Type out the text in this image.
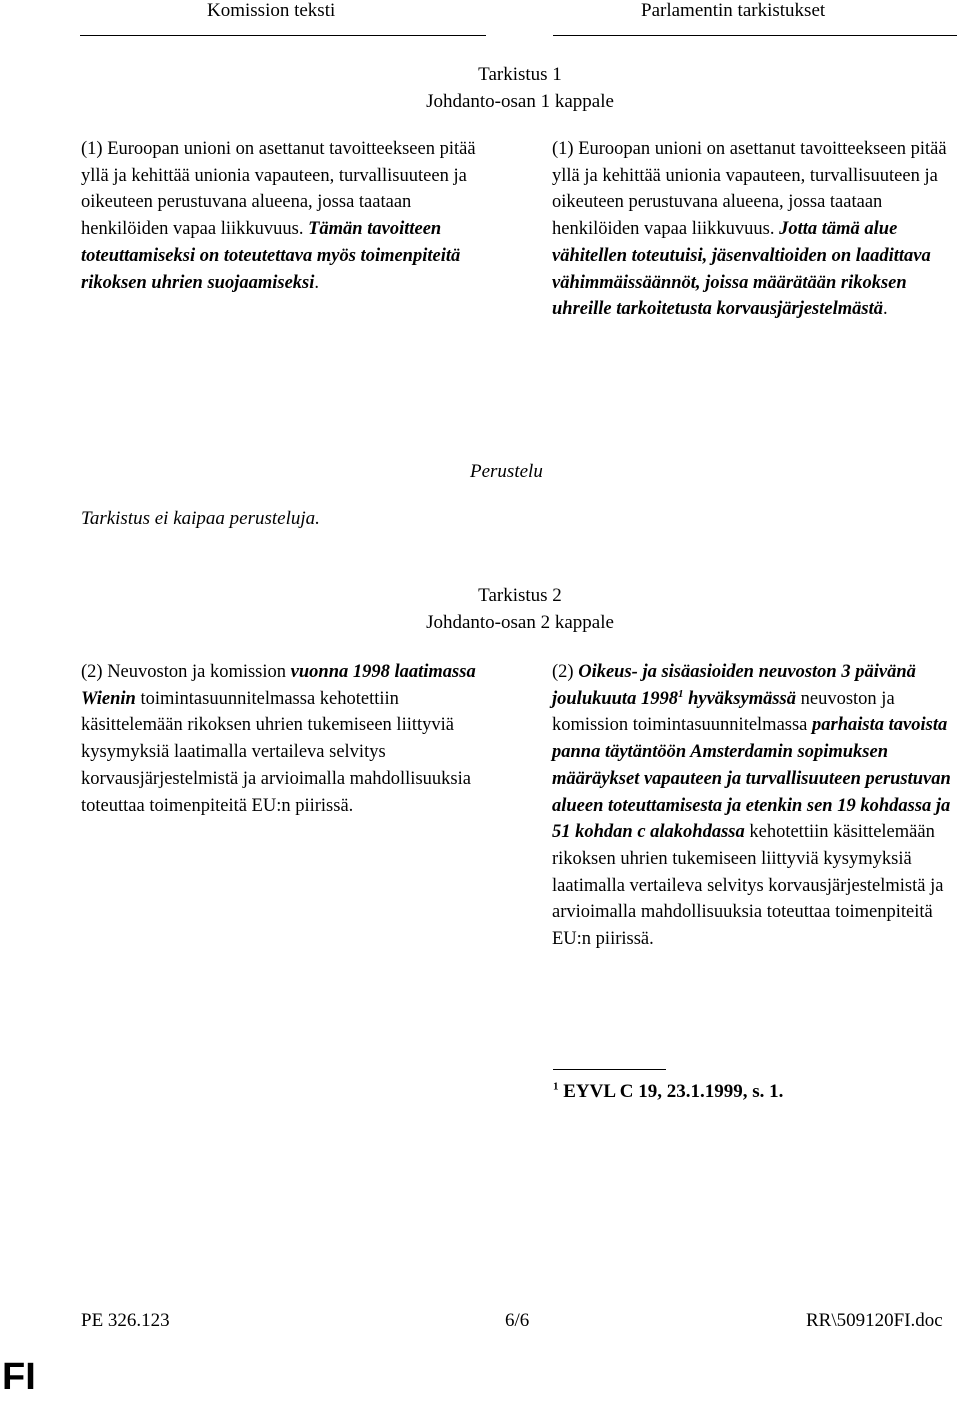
Komission teksti	Parlamentin tarkistukset
Tarkistus 1
Johdanto-osan 1 kappale
(1) Euroopan unioni on asettanut tavoitteekseen pitää yllä ja kehittää unionia vapauteen, turvallisuuteen ja oikeuteen perustuvana alueena, jossa taataan henkilöiden vapaa liikkuvuus. Tämän tavoitteen toteuttamiseksi on toteutettava myös toimenpiteitä rikoksen uhrien suojaamiseksi.
(1) Euroopan unioni on asettanut tavoitteekseen pitää yllä ja kehittää unionia vapauteen, turvallisuuteen ja oikeuteen perustuvana alueena, jossa taataan henkilöiden vapaa liikkuvuus. Jotta tämä alue vähitellen toteutuisi, jäsenvaltioiden on laadittava vähimmäissäännöt, joissa määrätään rikoksen uhreille tarkoitetusta korvausjärjestelmästä.
Perustelu
Tarkistus ei kaipaa perusteluja.
Tarkistus 2
Johdanto-osan 2 kappale
(2) Neuvoston ja komission vuonna 1998 laatimassa Wienin toimintasuunnitelmassa kehotettiin käsittelemään rikoksen uhrien tukemiseen liittyviä kysymyksiä laatimalla vertaileva selvitys korvausjärjestelmistä ja arvioimalla mahdollisuuksia toteuttaa toimenpiteitä EU:n piirissä.
(2) Oikeus- ja sisäasioiden neuvoston 3 päivänä joulukuuta 1998$^1$ hyväksymässä neuvoston ja komission toimintasuunnitelmassa parhaista tavoista panna täytäntöön Amsterdamin sopimuksen määräykset vapauteen ja turvallisuuteen perustuvan alueen toteuttamisesta ja etenkin sen 19 kohdassa ja 51 kohdan c alakohdassa kehotettiin käsittelemään rikoksen uhrien tukemiseen liittyviä kysymyksiä laatimalla vertaileva selvitys korvausjärjestelmistä ja arvioimalla mahdollisuuksia toteuttaa toimenpiteitä EU:n piirissä.
$^1$ EYVL C 19, 23.1.1999, s. 1.
PE 326.123	6/6	RR\509120FI.doc
FI
